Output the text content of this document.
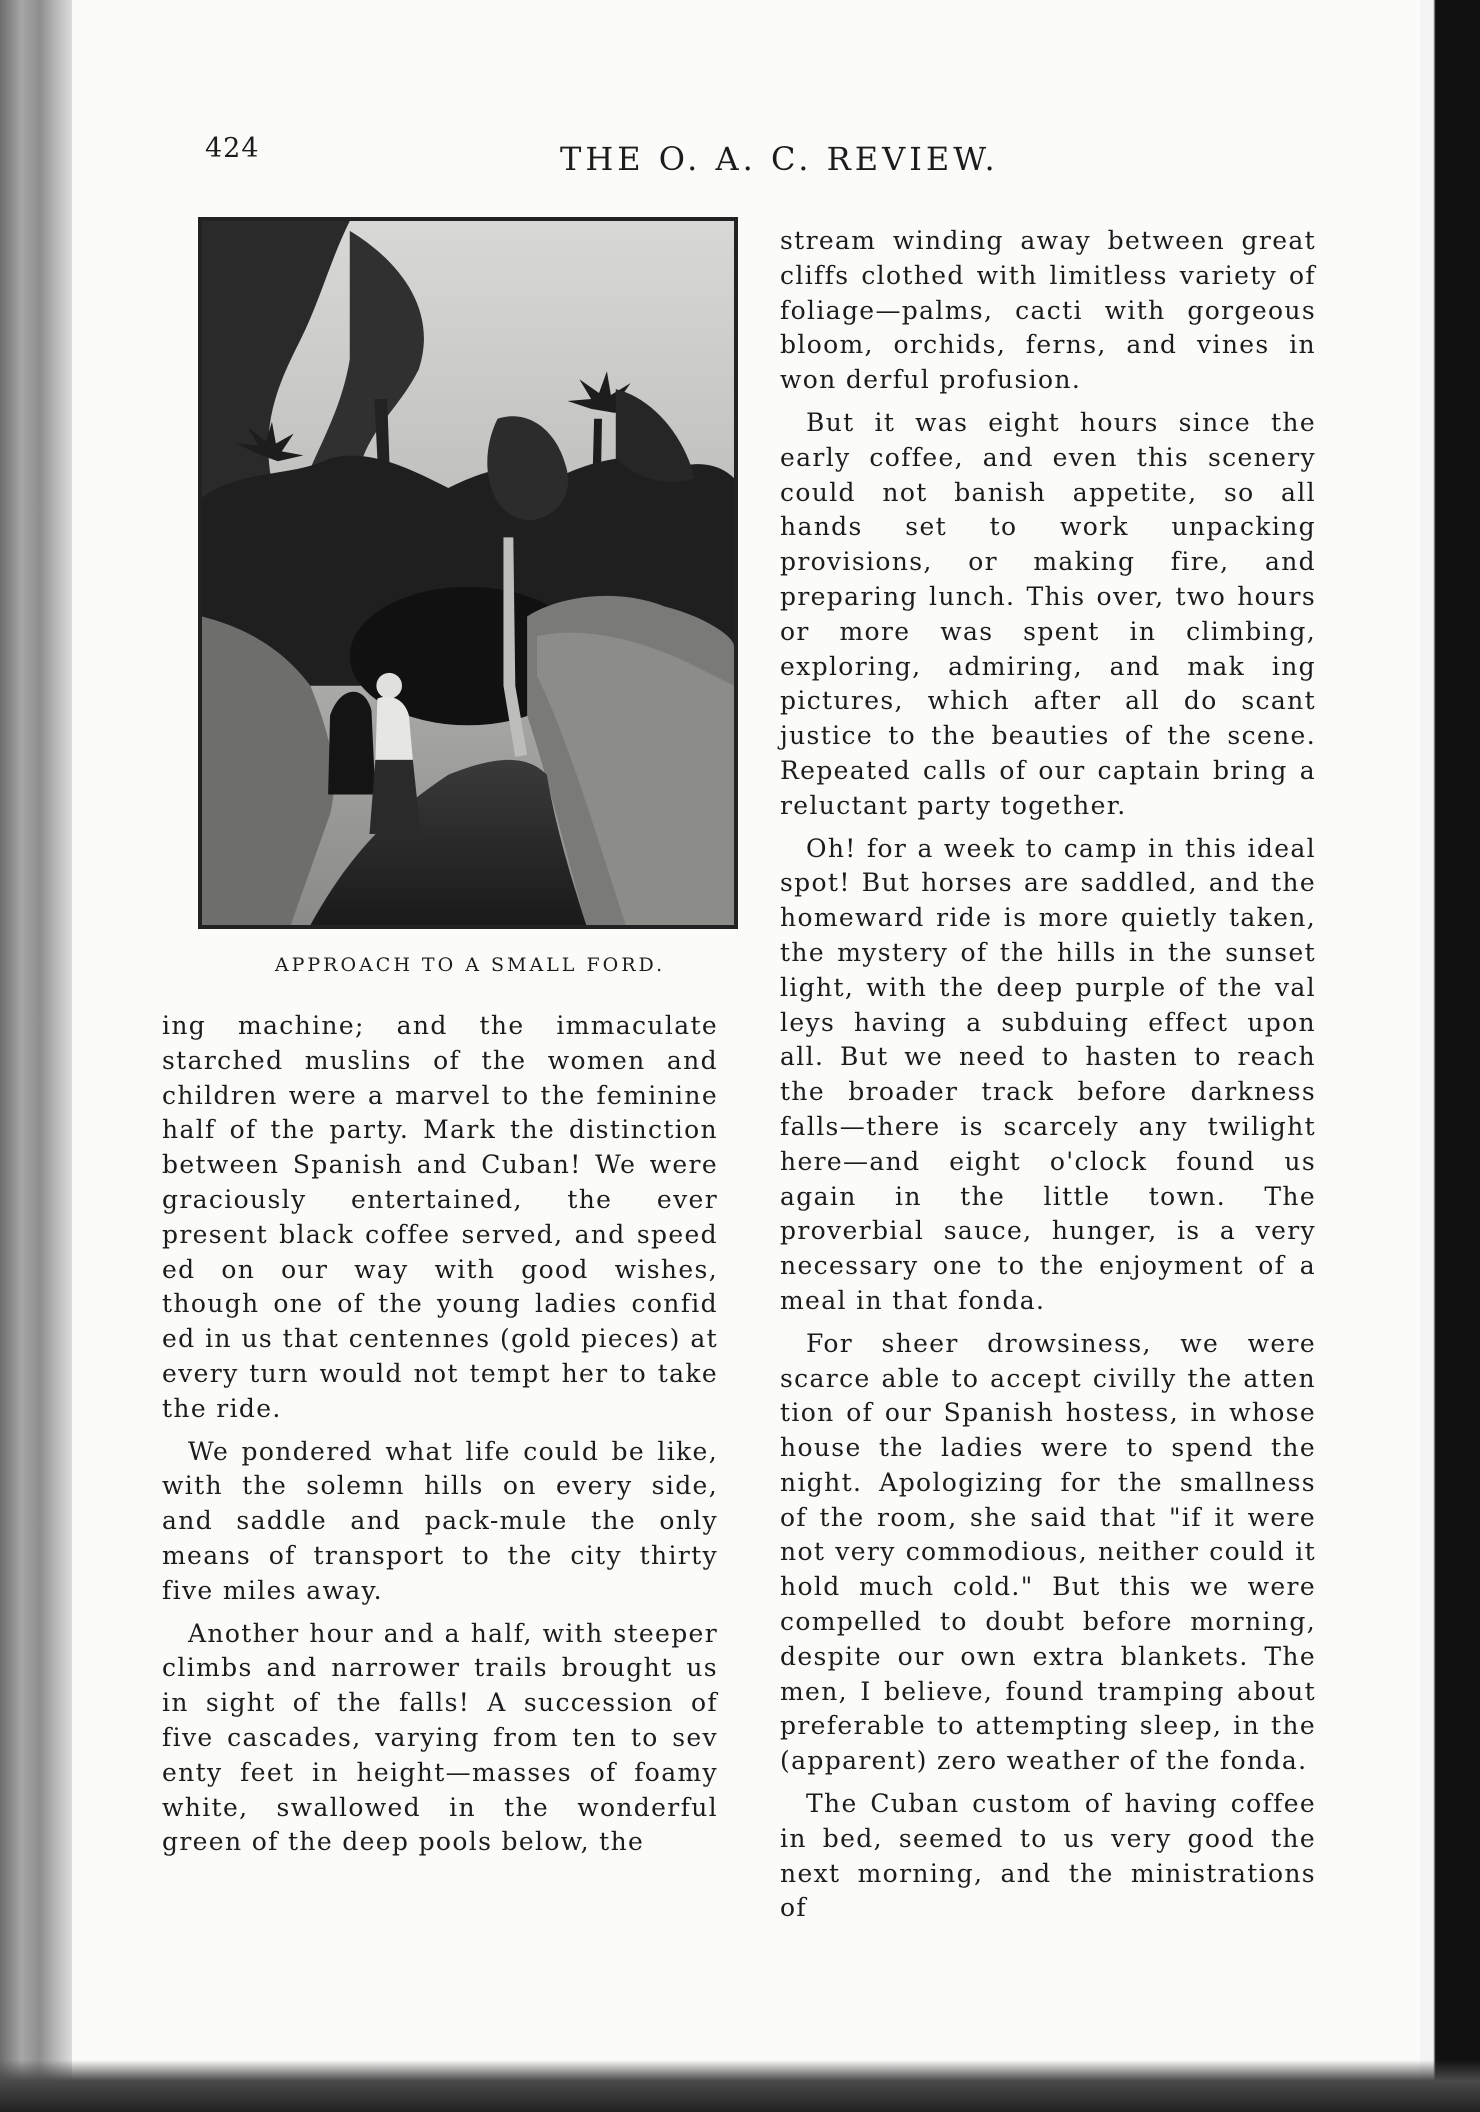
424	THE O. A. C. REVIEW.
APPROACH TO A SMALL FORD.

ing machine; and the immaculate starched muslins of the women and children were a marvel to the feminine half of the party. Mark the distinction between Spanish and Cuban! We were graciously entertained, the ever present black coffee served, and speed ed on our way with good wishes, though one of the young ladies confid ed in us that centennes (gold pieces) at every turn would not tempt her to take the ride.

We pondered what life could be like, with the solemn hills on every side, and saddle and pack-mule the only means of transport to the city thirty five miles away.

Another hour and a half, with steeper climbs and narrower trails brought us in sight of the falls! A succession of five cascades, varying from ten to sev enty feet in height—masses of foamy white, swallowed in the wonderful green of the deep pools below, the

stream winding away between great cliffs clothed with limitless variety of foliage—palms, cacti with gorgeous bloom, orchids, ferns, and vines in won derful profusion.

But it was eight hours since the early coffee, and even this scenery could not banish appetite, so all hands set to work unpacking provisions, or making fire, and preparing lunch. This over, two hours or more was spent in climbing, exploring, admiring, and mak ing pictures, which after all do scant justice to the beauties of the scene. Repeated calls of our captain bring a reluctant party together.

Oh! for a week to camp in this ideal spot! But horses are saddled, and the homeward ride is more quietly taken, the mystery of the hills in the sunset light, with the deep purple of the val leys having a subduing effect upon all. But we need to hasten to reach the broader track before darkness falls—there is scarcely any twilight here—and eight o'clock found us again in the little town. The proverbial sauce, hunger, is a very necessary one to the enjoyment of a meal in that fonda.

For sheer drowsiness, we were scarce able to accept civilly the atten tion of our Spanish hostess, in whose house the ladies were to spend the night. Apologizing for the smallness of the room, she said that "if it were not very commodious, neither could it hold much cold." But this we were compelled to doubt before morning, despite our own extra blankets. The men, I believe, found tramping about preferable to attempting sleep, in the (apparent) zero weather of the fonda.

The Cuban custom of having coffee in bed, seemed to us very good the next morning, and the ministrations of
